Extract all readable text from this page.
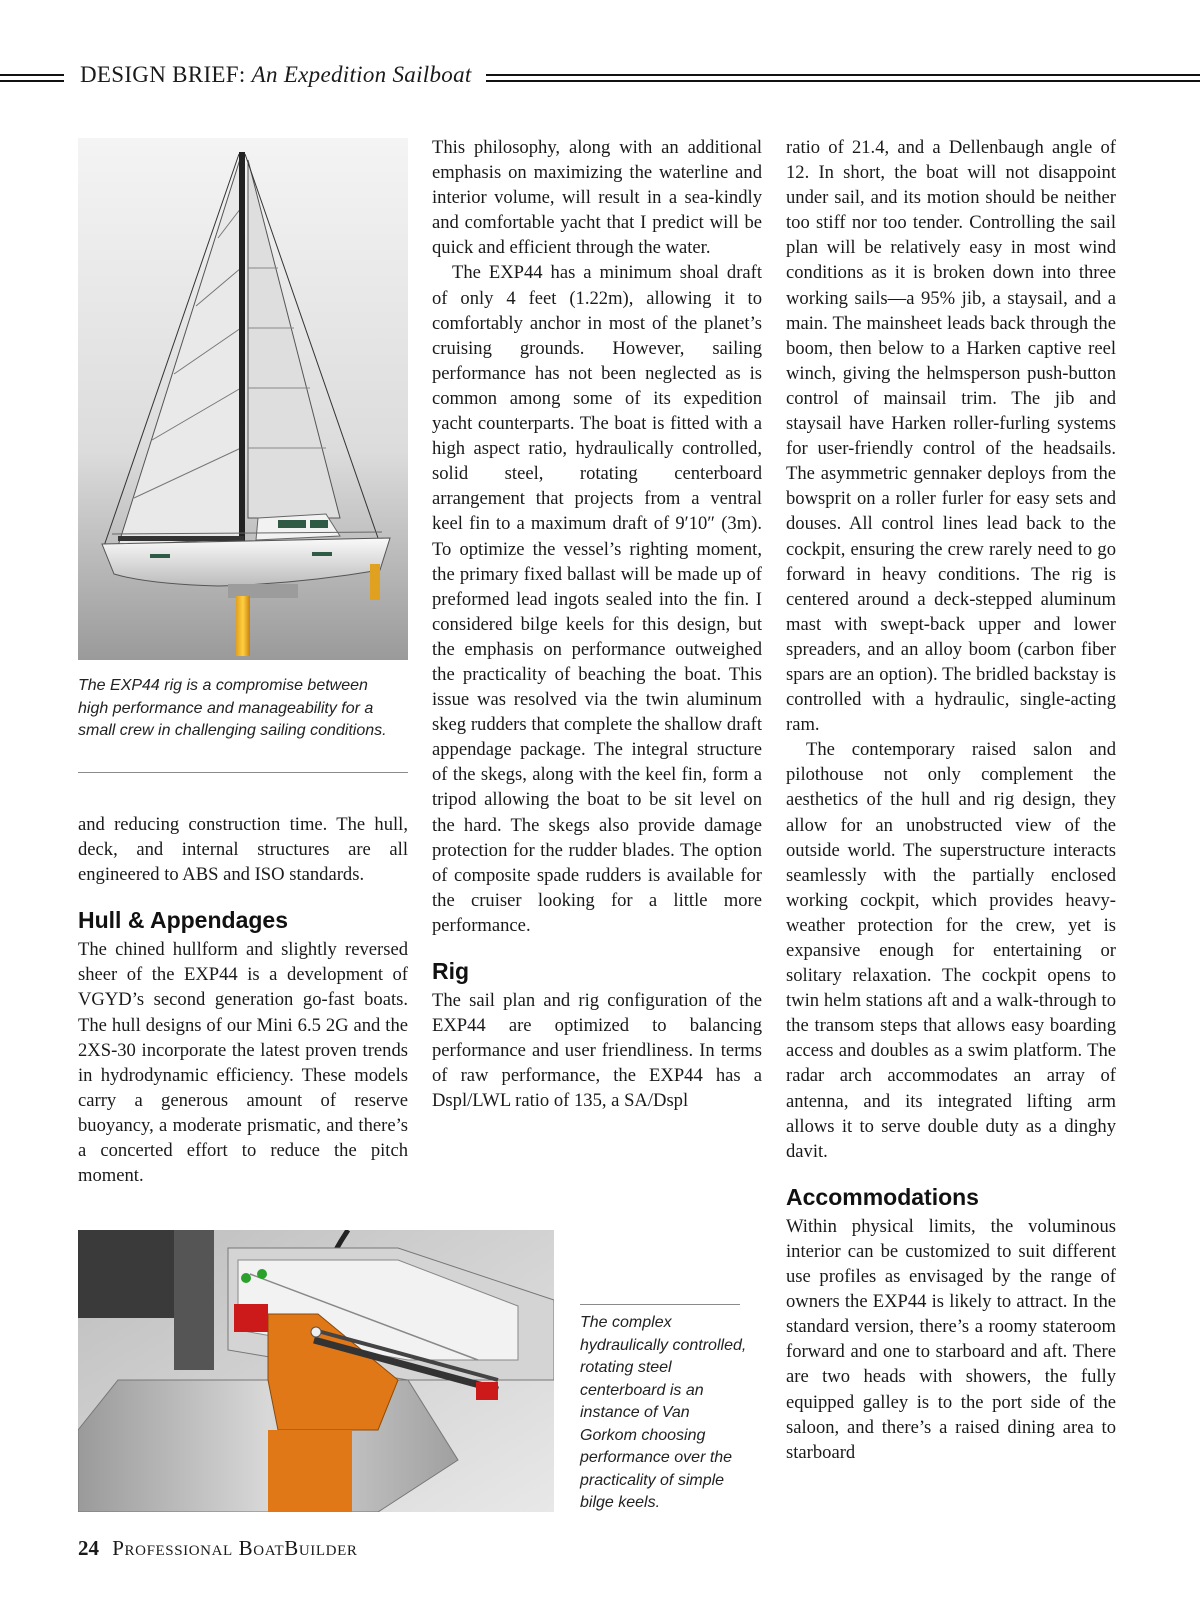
DESIGN BRIEF: An Expedition Sailboat
The EXP44 rig is a compromise between high performance and manageability for a small crew in challenging sailing conditions.

and reducing construction time. The hull, deck, and internal structures are all engineered to ABS and ISO standards.

Hull & Appendages

The chined hullform and slightly reversed sheer of the EXP44 is a development of VGYD’s second generation go-fast boats. The hull designs of our Mini 6.5 2G and the 2XS-30 incorporate the latest proven trends in hydrodynamic efficiency. These models carry a generous amount of reserve buoyancy, a moderate prismatic, and there’s a concerted effort to reduce the pitch moment.

This philosophy, along with an additional emphasis on maximizing the waterline and interior volume, will result in a sea-kindly and comfortable yacht that I predict will be quick and efficient through the water.

The EXP44 has a minimum shoal draft of only 4 feet (1.22m), allowing it to comfortably anchor in most of the planet’s cruising grounds. However, sailing performance has not been neglected as is common among some of its expedition yacht counterparts. The boat is fitted with a high aspect ratio, hydraulically controlled, solid steel, rotating centerboard arrangement that projects from a ventral keel fin to a maximum draft of 9′10″ (3m). To optimize the vessel’s righting moment, the primary fixed ballast will be made up of preformed lead ingots sealed into the fin. I considered bilge keels for this design, but the emphasis on performance outweighed the practicality of beaching the boat. This issue was resolved via the twin aluminum skeg rudders that complete the shallow draft appendage package. The integral structure of the skegs, along with the keel fin, form a tripod allowing the boat to be sit level on the hard. The skegs also provide damage protection for the rudder blades. The option of composite spade rudders is available for the cruiser looking for a little more performance.

Rig

The sail plan and rig configuration of the EXP44 are optimized to balancing performance and user friendliness. In terms of raw performance, the EXP44 has a Dspl/LWL ratio of 135, a SA/Dspl

ratio of 21.4, and a Dellenbaugh angle of 12. In short, the boat will not disappoint under sail, and its motion should be neither too stiff nor too tender. Controlling the sail plan will be relatively easy in most wind conditions as it is broken down into three working sails—a 95% jib, a staysail, and a main. The mainsheet leads back through the boom, then below to a Harken captive reel winch, giving the helmsperson push-button control of mainsail trim. The jib and staysail have Harken roller-furling systems for user-friendly control of the headsails. The asymmetric gennaker deploys from the bowsprit on a roller furler for easy sets and douses. All control lines lead back to the cockpit, ensuring the crew rarely need to go forward in heavy conditions. The rig is centered around a deck-stepped aluminum mast with swept-back upper and lower spreaders, and an alloy boom (carbon fiber spars are an option). The bridled backstay is controlled with a hydraulic, single-acting ram.

The contemporary raised salon and pilothouse not only complement the aesthetics of the hull and rig design, they allow for an unobstructed view of the outside world. The superstructure interacts seamlessly with the partially enclosed working cockpit, which provides heavy-weather protection for the crew, yet is expansive enough for entertaining or solitary relaxation. The cockpit opens to twin helm stations aft and a walk-through to the transom steps that allows easy boarding access and doubles as a swim platform. The radar arch accommodates an array of antenna, and its integrated lifting arm allows it to serve double duty as a dinghy davit.

Accommodations

Within physical limits, the voluminous interior can be customized to suit different use profiles as envisaged by the range of owners the EXP44 is likely to attract. In the standard version, there’s a roomy stateroom forward and one to starboard and aft. There are two heads with showers, the fully equipped galley is to the port side of the saloon, and there’s a raised dining area to starboard

The complex hydraulically controlled, rotating steel centerboard is an instance of Van Gorkom choosing performance over the practicality of simple bilge keels.
24 Professional BoatBuilder
